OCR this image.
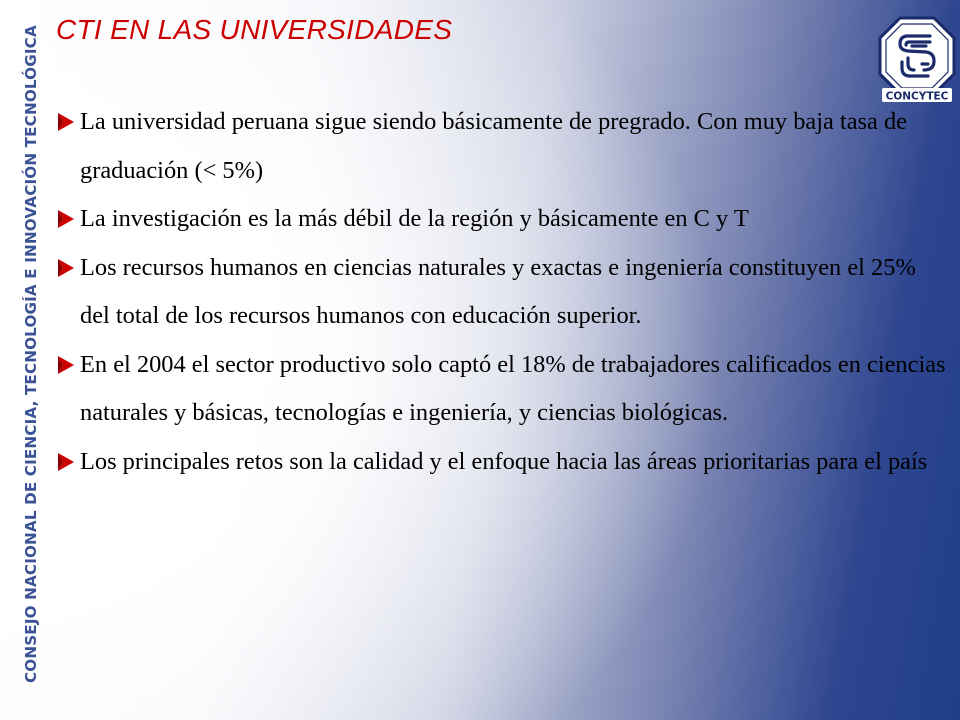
CONSEJO NACIONAL DE CIENCIA, TECNOLOGÍA E INNOVACIÓN TECNOLÓGICA CTI EN LAS UNIVERSIDADES
CONCYTEC
La universidad peruana sigue siendo básicamente de pregrado. Con muy baja tasa de graduación (< 5%)
La investigación es la más débil de la región y básicamente en C y T
Los recursos humanos en ciencias naturales y exactas e ingeniería constituyen el 25% del total de los recursos humanos con educación superior.
En el 2004 el sector productivo solo captó el 18% de trabajadores calificados en ciencias naturales y básicas, tecnologías e ingeniería, y ciencias biológicas.
Los principales retos son la calidad y el enfoque hacia las áreas prioritarias para el país
